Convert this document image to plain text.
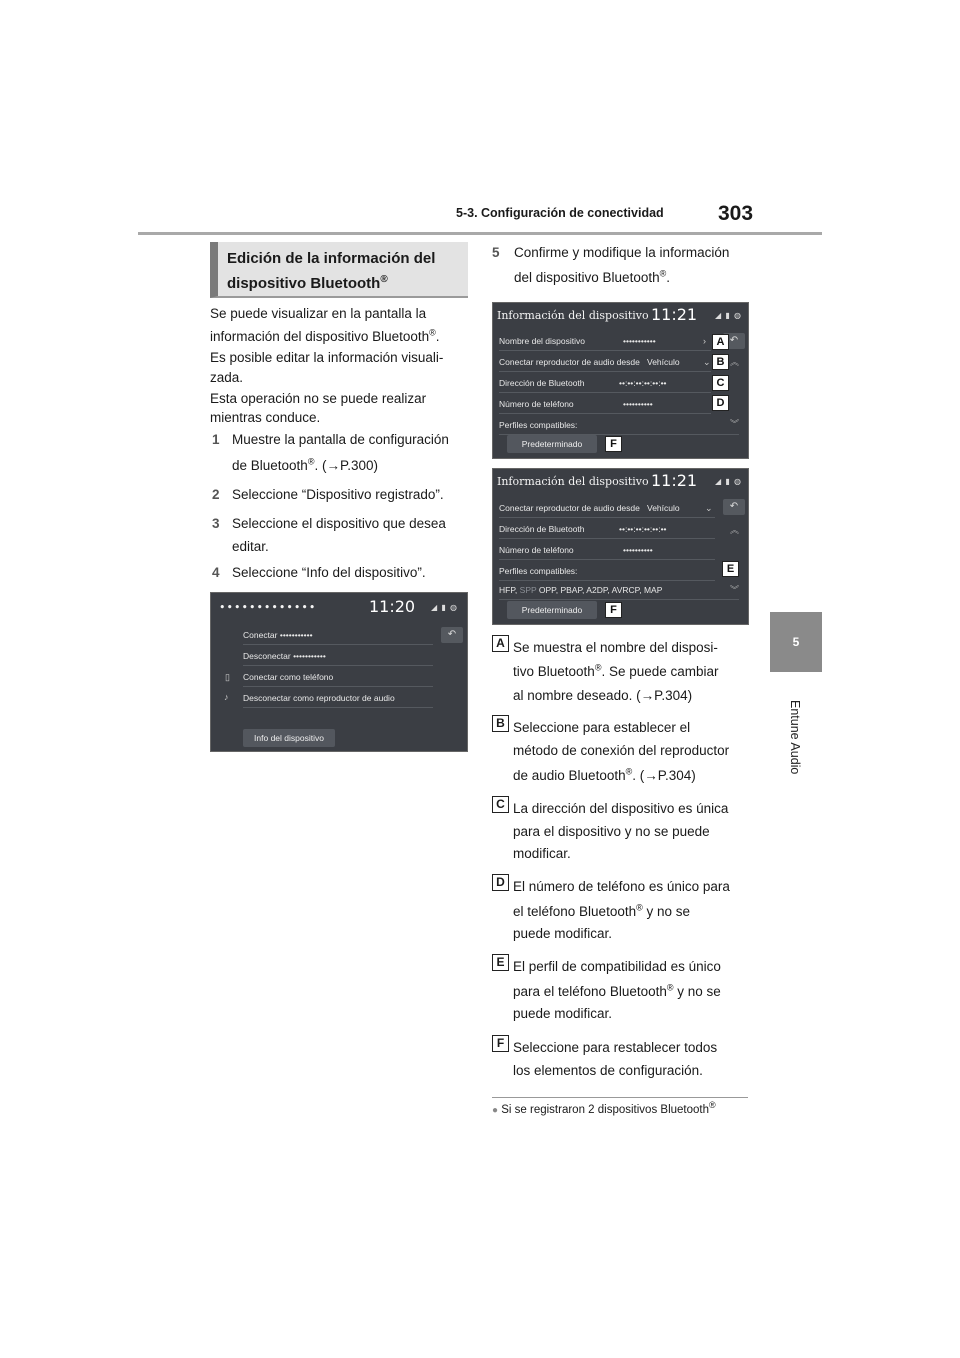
5-3. Configuración de conectividad	303
5
Entune Audio
Edición de la información del
dispositivo Bluetooth®
Se puede visualizar en la pantalla la
información del dispositivo Bluetooth®.
Es posible editar la información visuali-
zada.
Esta operación no se puede realizar
mientras conduce.
1 Muestre la pantalla de configuración
de Bluetooth®. (→P.300)
2 Seleccione “Dispositivo registrado”.
3 Seleccione el dispositivo que desea
editar.
4 Seleccione “Info del dispositivo”.
•••••••••••••	11:20 ◢ ▮ ◍
Conectar •••••••••••	↶
Desconectar •••••••••••
Conectar como teléfono
▯
Desconectar como reproductor de audio
♪
Info del dispositivo
5 Confirme y modifique la información
del dispositivo Bluetooth®.
Información del dispositivo 11:21 ◢ ▮ ◍
Nombre del dispositivo	•••••••••••	›
Conectar reproductor de audio desde Vehículo	⌄
Dirección de Bluetooth	••:••:••:••:••:••
Número de teléfono	••••••••••
Perfiles compatibles:
↶
︽
︾
Predeterminado
A
B
C
D
F
Información del dispositivo 11:21 ◢ ▮ ◍
Conectar reproductor de audio desde Vehículo	⌄
Dirección de Bluetooth	••:••:••:••:••:••
Número de teléfono	••••••••••
Perfiles compatibles:
HFP, SPP OPP, PBAP, A2DP, AVRCP, MAP
↶
︽
︾
Predeterminado
E
F
A Se muestra el nombre del disposi-
tivo Bluetooth®. Se puede cambiar
al nombre deseado. (→P.304)
B Seleccione para establecer el
método de conexión del reproductor
de audio Bluetooth®. (→P.304)
C La dirección del dispositivo es única
para el dispositivo y no se puede
modificar.
D El número de teléfono es único para
el teléfono Bluetooth® y no se
puede modificar.
E El perfil de compatibilidad es único
para el teléfono Bluetooth® y no se
puede modificar.
F Seleccione para restablecer todos
los elementos de configuración.
● Si se registraron 2 dispositivos Bluetooth®
